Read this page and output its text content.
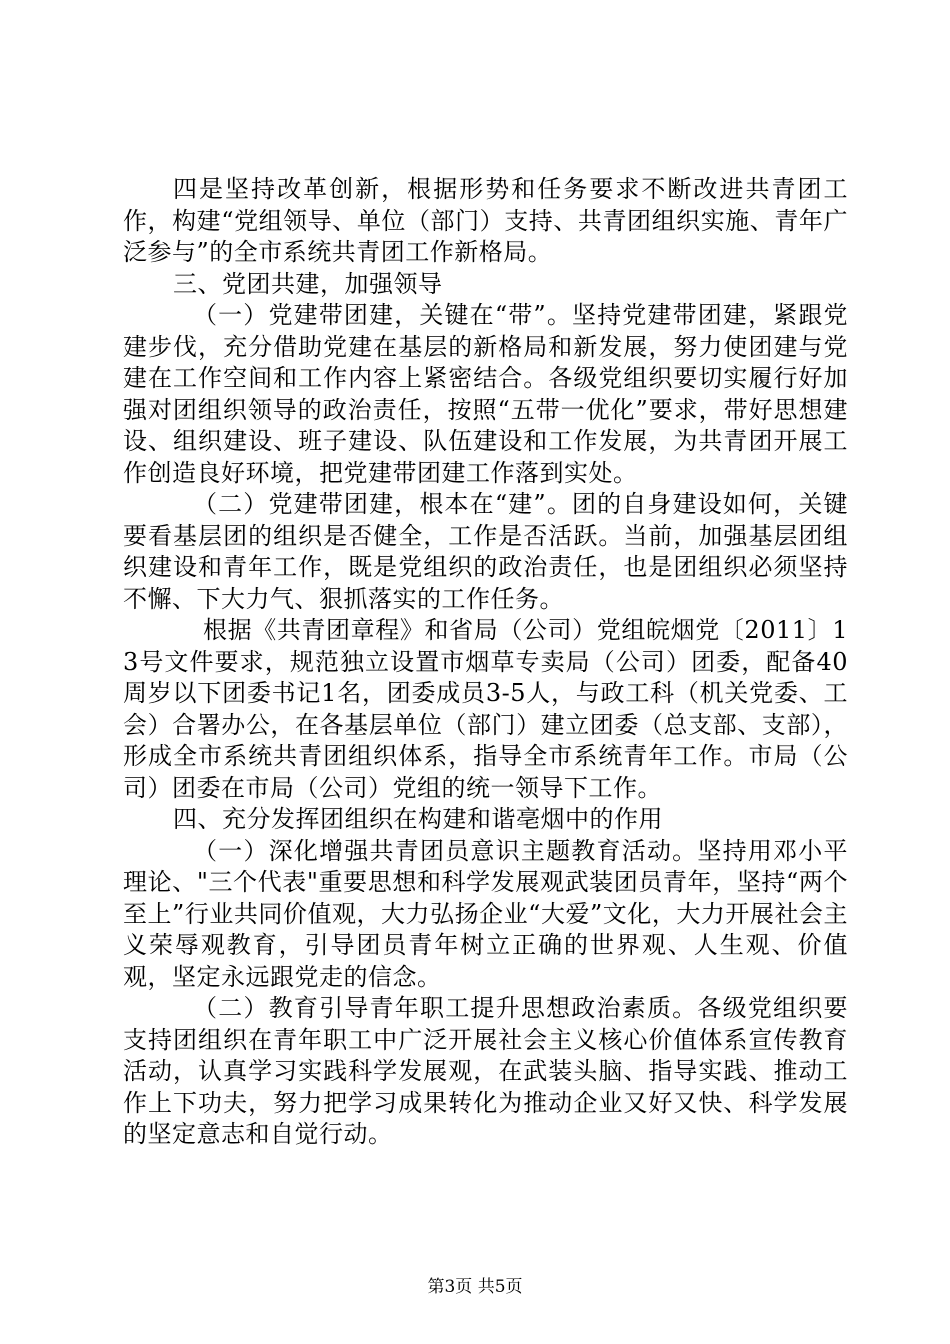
四是坚持改革创新，根据形势和任务要求不断改进共青团工作，构建“党组领导、单位（部门）支持、共青团组织实施、青年广泛参与”的全市系统共青团工作新格局。

三、党团共建，加强领导

（一）党建带团建，关键在“带”。坚持党建带团建，紧跟党建步伐，充分借助党建在基层的新格局和新发展，努力使团建与党建在工作空间和工作内容上紧密结合。各级党组织要切实履行好加强对团组织领导的政治责任，按照“五带一优化”要求，带好思想建设、组织建设、班子建设、队伍建设和工作发展，为共青团开展工作创造良好环境，把党建带团建工作落到实处。

（二）党建带团建，根本在“建”。团的自身建设如何，关键要看基层团的组织是否健全，工作是否活跃。当前，加强基层团组织建设和青年工作，既是党组织的政治责任，也是团组织必须坚持不懈、下大力气、狠抓落实的工作任务。

根据《共青团章程》和省局（公司）党组皖烟党〔2011〕13号文件要求，规范独立设置市烟草专卖局（公司）团委，配备40周岁以下团委书记1名，团委成员3-5人，与政工科（机关党委、工会）合署办公，在各基层单位（部门）建立团委（总支部、支部），形成全市系统共青团组织体系，指导全市系统青年工作。市局（公司）团委在市局（公司）党组的统一领导下工作。

四、充分发挥团组织在构建和谐亳烟中的作用

（一）深化增强共青团员意识主题教育活动。坚持用邓小平理论、"三个代表"重要思想和科学发展观武装团员青年，坚持“两个至上”行业共同价值观，大力弘扬企业“大爱”文化，大力开展社会主义荣辱观教育，引导团员青年树立正确的世界观、人生观、价值观，坚定永远跟党走的信念。

（二）教育引导青年职工提升思想政治素质。各级党组织要支持团组织在青年职工中广泛开展社会主义核心价值体系宣传教育活动，认真学习实践科学发展观，在武装头脑、指导实践、推动工作上下功夫，努力把学习成果转化为推动企业又好又快、科学发展的坚定意志和自觉行动。

第3页 共5页
